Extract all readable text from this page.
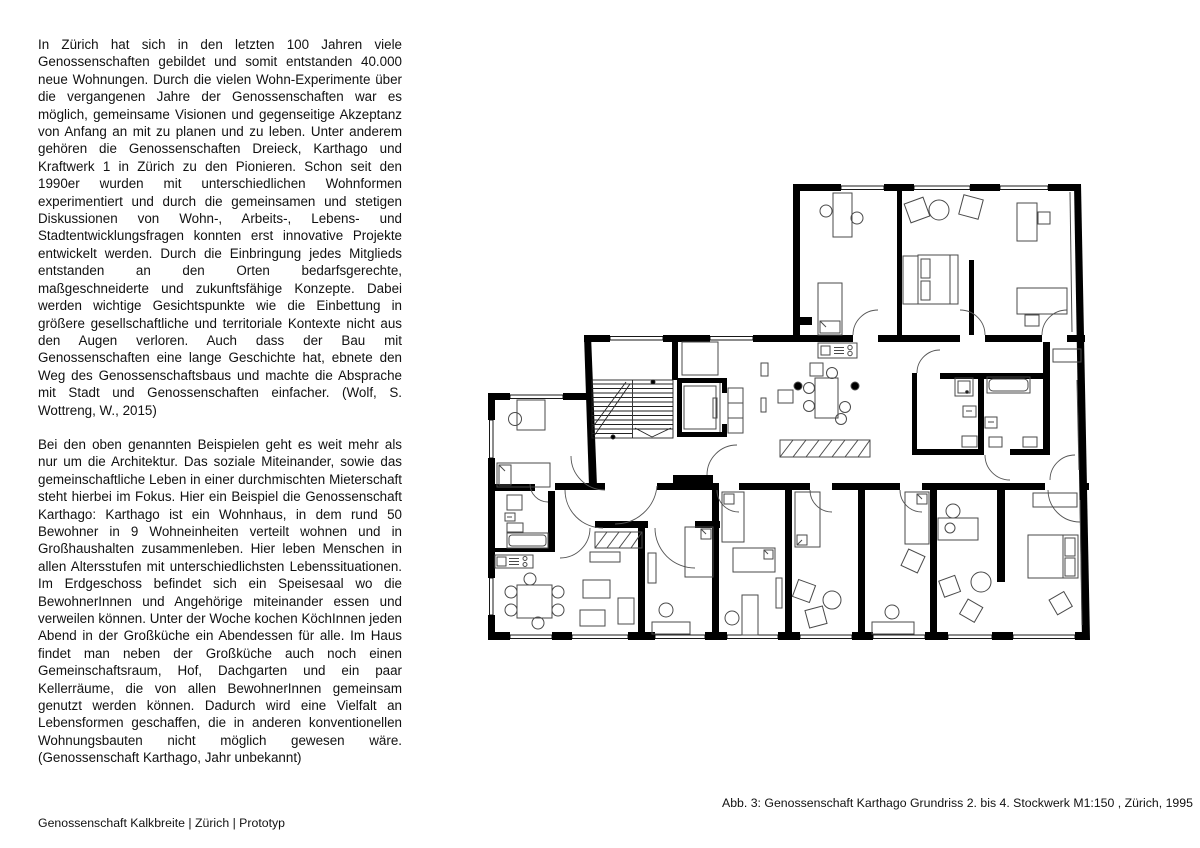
In Zürich hat sich in den letzten 100 Jahren viele Genossenschaften gebildet und somit entstanden 40.000 neue Wohnungen. Durch die vielen Wohn-Experimente über die vergangenen Jahre der Genossenschaften war es möglich, gemeinsame Visionen und gegenseitige Akzeptanz von Anfang an mit zu planen und zu leben. Unter anderem gehören die Genossenschaften Dreieck, Karthago und Kraftwerk 1 in Zürich zu den Pionieren. Schon seit den 1990er wurden mit unterschiedlichen Wohnformen experimentiert und durch die gemeinsamen und stetigen Diskussionen von Wohn-, Arbeits-, Lebens- und Stadtentwicklungsfragen konnten erst innovative Projekte entwickelt werden. Durch die Einbringung jedes Mitglieds entstanden an den Orten bedarfsgerechte, maßgeschneiderte und zukunftsfähige Konzepte. Dabei werden wichtige Gesichtspunkte wie die Einbettung in größere gesellschaftliche und territoriale Kontexte nicht aus den Augen verloren. Auch dass der Bau mit Genossenschaften eine lange Geschichte hat, ebnete den Weg des Genossenschaftsbaus und machte die Absprache mit Stadt und Genossenschaften einfacher. (Wolf, S. Wottreng, W., 2015)

Bei den oben genannten Beispielen geht es weit mehr als nur um die Architektur. Das soziale Miteinander, sowie das gemeinschaftliche Leben in einer durchmischten Mieterschaft steht hierbei im Fokus. Hier ein Beispiel die Genossenschaft Karthago: Karthago ist ein Wohnhaus, in dem rund 50 Bewohner in 9 Wohneinheiten verteilt wohnen und in Großhaushalten zusammenleben. Hier leben Menschen in allen Altersstufen mit unterschiedlichsten Lebenssituationen. Im Erdgeschoss befindet sich ein Speisesaal wo die BewohnerInnen und Angehörige miteinander essen und verweilen können. Unter der Woche kochen KöchInnen jeden Abend in der Großküche ein Abendessen für alle. Im Haus findet man neben der Großküche auch noch einen Gemeinschaftsraum, Hof, Dachgarten und ein paar Kellerräume, die von allen BewohnerInnen gemeinsam genutzt werden können. Dadurch wird eine Vielfalt an Lebensformen geschaffen, die in anderen konventionellen Wohnungsbauten nicht möglich gewesen wäre. (Genossenschaft Karthago, Jahr unbekannt)

Abb. 3: Genossenschaft Karthago Grundriss 2. bis 4. Stockwerk M1:150 , Zürich, 1995
Genossenschaft Kalkbreite | Zürich | Prototyp
